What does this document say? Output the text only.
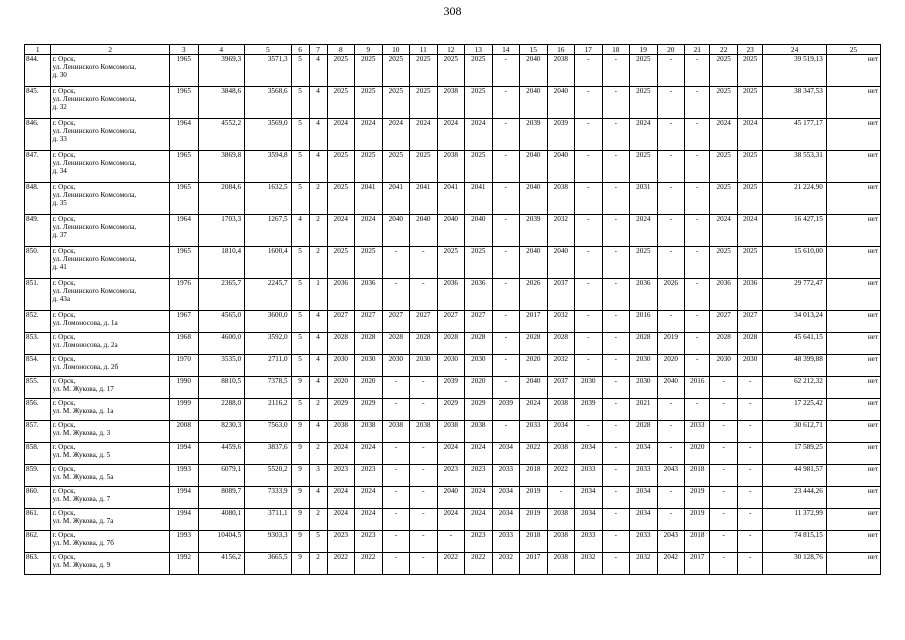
308
1	2	3	4	5	6	7	8	9	10	11	12	13	14	15	16	17	18	19	20	21	22	23	24	25
844.	г. Орск,
ул. Ленинского Комсомола,
д. 30	1965	3969,3	3571,3	5	4	2025	2025	2025	2025	2025	2025	-	2040	2038	-	-	2025	-	-	2025	2025	39 519,13	нет
845.	г. Орск,
ул. Ленинского Комсомола,
д. 32	1965	3848,6	3568,6	5	4	2025	2025	2025	2025	2038	2025	-	2040	2040	-	-	2025	-	-	2025	2025	38 347,53	нет
846.	г. Орск,
ул. Ленинского Комсомола,
д. 33	1964	4552,2	3569,0	5	4	2024	2024	2024	2024	2024	2024	-	2039	2039	-	-	2024	-	-	2024	2024	45 177,17	нет
847.	г. Орск,
ул. Ленинского Комсомола,
д. 34	1965	3869,8	3594,8	5	4	2025	2025	2025	2025	2038	2025	-	2040	2040	-	-	2025	-	-	2025	2025	38 553,31	нет
848.	г. Орск,
ул. Ленинского Комсомола,
д. 35	1965	2084,6	1632,5	5	2	2025	2041	2041	2041	2041	2041	-	2040	2038	-	-	2031	-	-	2025	2025	21 224,90	нет
849.	г. Орск,
ул. Ленинского Комсомола,
д. 37	1964	1703,3	1267,5	4	2	2024	2024	2040	2040	2040	2040	-	2039	2032	-	-	2024	-	-	2024	2024	16 427,15	нет
850.	г. Орск,
ул. Ленинского Комсомола,
д. 41	1965	1810,4	1600,4	5	2	2025	2025	-	-	2025	2025	-	2040	2040	-	-	2025	-	-	2025	2025	15 610,00	нет
851.	г. Орск,
ул. Ленинского Комсомола,
д. 43а	1976	2365,7	2245,7	5	1	2036	2036	-	-	2036	2036	-	2026	2037	-	-	2036	2026	-	2036	2036	29 772,47	нет
852.	г. Орск,
ул. Ломоносова, д. 1а	1967	4565,0	3600,0	5	4	2027	2027	2027	2027	2027	2027	-	2017	2032	-	-	2016	-	-	2027	2027	34 013,24	нет
853.	г. Орск,
ул. Ломоносова, д. 2а	1968	4600,0	3592,0	5	4	2028	2028	2028	2028	2028	2028	-	2028	2028	-	-	2028	2019	-	2028	2028	45 641,15	нет
854.	г. Орск,
ул. Ломоносова, д. 2б	1970	3535,0	2711,0	5	4	2030	2030	2030	2030	2030	2030	-	2020	2032	-	-	2030	2020	-	2030	2030	48 399,88	нет
855.	г. Орск,
ул. М. Жукова, д. 17	1990	8810,5	7378,5	9	4	2020	2020	-	-	2039	2020	-	2040	2037	2030	-	2030	2040	2016	-	-	62 212,32	нет
856.	г. Орск,
ул. М. Жукова, д. 1а	1999	2288,0	2116,2	5	2	2029	2029	-	-	2029	2029	2039	2024	2038	2039	-	2021	-	-	-	-	17 225,42	нет
857.	г. Орск,
ул. М. Жукова, д. 3	2008	8230,3	7563,0	9	4	2038	2038	2038	2038	2038	2038	-	2033	2034	-	-	2028	-	2033	-	-	30 612,71	нет
858.	г. Орск,
ул. М. Жукова, д. 5	1994	4459,6	3837,6	9	2	2024	2024	-	-	2024	2024	2034	2022	2038	2034	-	2034	-	2020	-	-	17 589,25	нет
859.	г. Орск,
ул. М. Жукова, д. 5а	1993	6079,1	5520,2	9	3	2023	2023	-	-	2023	2023	2033	2018	2022	2033	-	2033	2043	2018	-	-	44 981,57	нет
860.	г. Орск,
ул. М. Жукова, д. 7	1994	8089,7	7333,9	9	4	2024	2024	-	-	2040	2024	2034	2019	-	2034	-	2034	-	2019	-	-	23 444,26	нет
861.	г. Орск,
ул. М. Жукова, д. 7а	1994	4080,1	3711,1	9	2	2024	2024	-	-	2024	2024	2034	2019	2038	2034	-	2034	-	2019	-	-	11 372,99	нет
862.	г. Орск,
ул. М. Жукова, д. 7б	1993	10404,5	9303,3	9	5	2023	2023	-	-	-	2023	2033	2018	2038	2033	-	2033	2043	2018	-	-	74 815,15	нет
863.	г. Орск,
ул. М. Жукова, д. 9	1992	4156,2	3665,5	9	2	2022	2022	-	-	2022	2022	2032	2017	2038	2032	-	2032	2042	2017	-	-	30 128,76	нет
